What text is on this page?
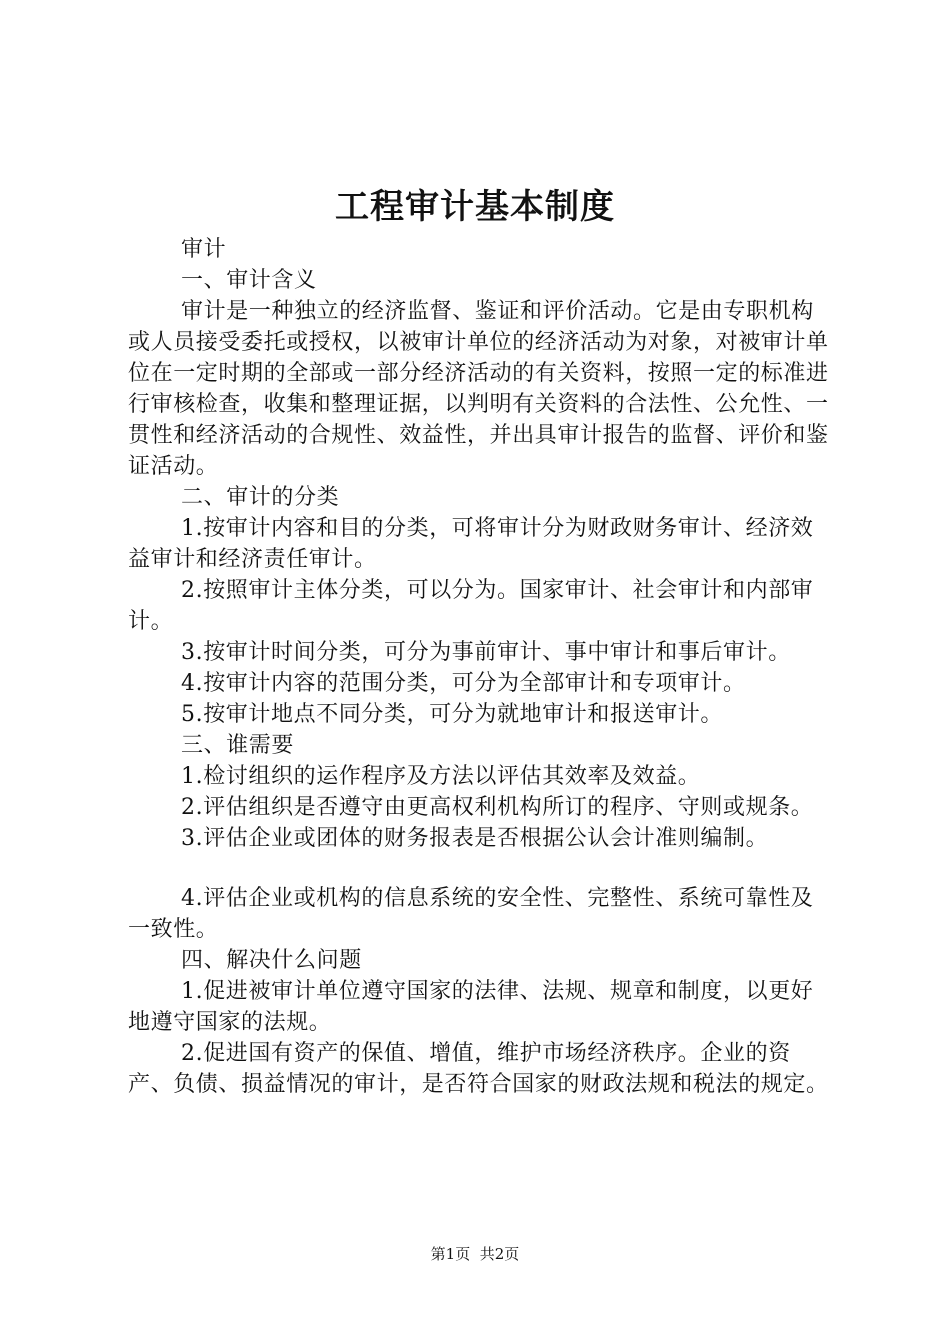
工程审计基本制度

审计

一、审计含义

审计是一种独立的经济监督、鉴证和评价活动。它是由专职机构或人员接受委托或授权，以被审计单位的经济活动为对象，对被审计单位在一定时期的全部或一部分经济活动的有关资料，按照一定的标准进行审核检查，收集和整理证据，以判明有关资料的合法性、公允性、一贯性和经济活动的合规性、效益性，并出具审计报告的监督、评价和鉴证活动。

二、审计的分类

1.按审计内容和目的分类，可将审计分为财政财务审计、经济效益审计和经济责任审计。

2.按照审计主体分类，可以分为。国家审计、社会审计和内部审计。

3.按审计时间分类，可分为事前审计、事中审计和事后审计。

4.按审计内容的范围分类，可分为全部审计和专项审计。

5.按审计地点不同分类，可分为就地审计和报送审计。

三、谁需要

1.检讨组织的运作程序及方法以评估其效率及效益。

2.评估组织是否遵守由更高权利机构所订的程序、守则或规条。

3.评估企业或团体的财务报表是否根据公认会计准则编制。

4.评估企业或机构的信息系统的安全性、完整性、系统可靠性及一致性。

四、解决什么问题

1.促进被审计单位遵守国家的法律、法规、规章和制度，以更好地遵守国家的法规。

2.促进国有资产的保值、增值，维护市场经济秩序。企业的资产、负债、损益情况的审计，是否符合国家的财政法规和税法的规定。

第1页 共2页
